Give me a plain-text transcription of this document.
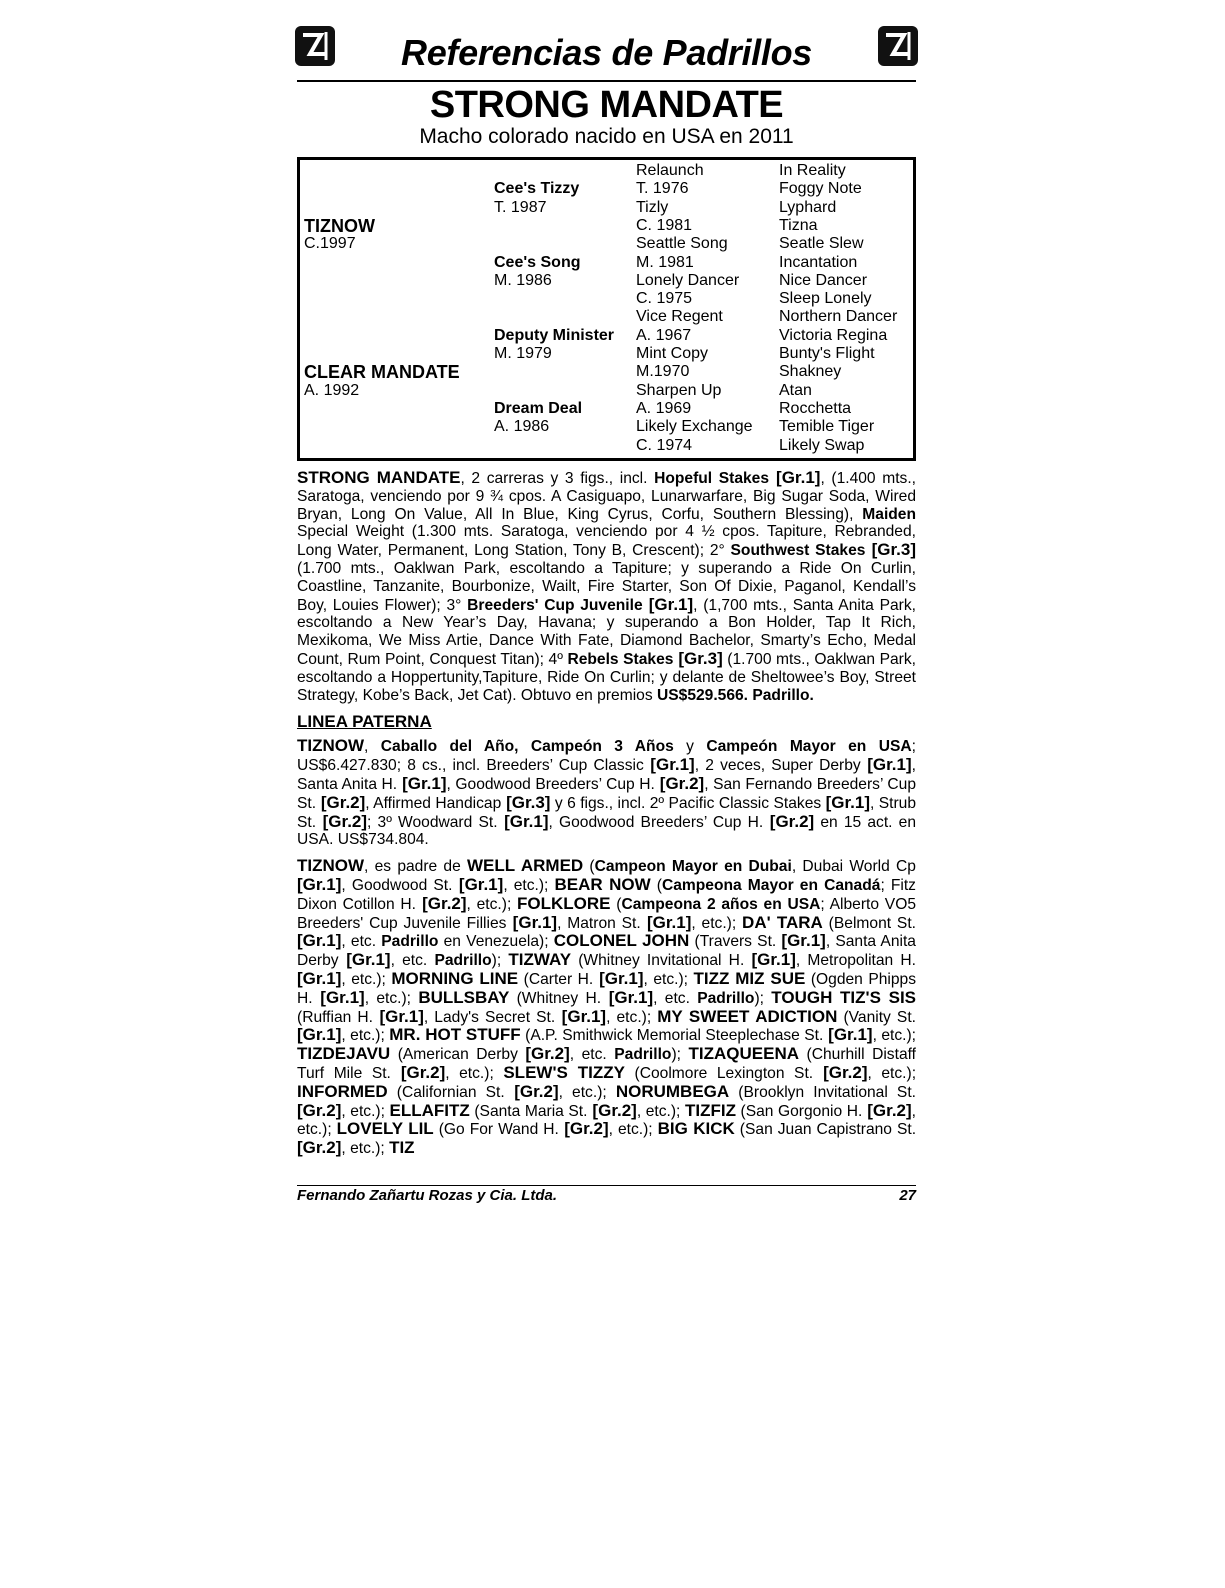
Referencias de Padrillos
STRONG MANDATE
Macho colorado nacido en USA en 2011
TIZNOW
C.1997
CLEAR MANDATE
A. 1992
Cee's Tizzy
T. 1987
Cee's Song
M. 1986
Deputy Minister
M. 1979
Dream Deal
A. 1986
Relaunch
T. 1976
Tizly
C. 1981
Seattle Song
M. 1981
Lonely Dancer
C. 1975
Vice Regent
A. 1967
Mint Copy
M.1970
Sharpen Up
A. 1969
Likely Exchange
C. 1974
In Reality
Foggy Note
Lyphard
Tizna
Seatle Slew
Incantation
Nice Dancer
Sleep Lonely
Northern Dancer
Victoria Regina
Bunty's Flight
Shakney
Atan
Rocchetta
Temible Tiger
Likely Swap

STRONG MANDATE, 2 carreras y 3 figs., incl. Hopeful Stakes [Gr.1], (1.400 mts., Saratoga, venciendo por 9 ¾ cpos. A Casiguapo, Lunarwarfare, Big Sugar Soda, Wired Bryan, Long On Value, All In Blue, King Cyrus, Corfu, Southern Blessing), Maiden Special Weight (1.300 mts. Saratoga, venciendo por 4 ½ cpos. Tapiture, Rebranded, Long Water, Permanent, Long Station, Tony B, Crescent); 2° Southwest Stakes [Gr.3] (1.700 mts., Oaklwan Park, escoltando a Tapiture; y superando a Ride On Curlin, Coastline, Tanzanite, Bourbonize, Wailt, Fire Starter, Son Of Dixie, Paganol, Kendall’s Boy, Louies Flower); 3° Breeders' Cup Juvenile [Gr.1], (1,700 mts., Santa Anita Park, escoltando a New Year’s Day, Havana; y superando a Bon Holder, Tap It Rich, Mexikoma, We Miss Artie, Dance With Fate, Diamond Bachelor, Smarty’s Echo, Medal Count, Rum Point, Conquest Titan); 4º Rebels Stakes [Gr.3] (1.700 mts., Oaklwan Park, escoltando a Hoppertunity,Tapiture, Ride On Curlin; y delante de Sheltowee’s Boy, Street Strategy, Kobe’s Back, Jet Cat). Obtuvo en premios US$529.566. Padrillo.

LINEA PATERNA

TIZNOW, Caballo del Año, Campeón 3 Años y Campeón Mayor en USA; US$6.427.830; 8 cs., incl. Breeders’ Cup Classic [Gr.1], 2 veces, Super Derby [Gr.1], Santa Anita H. [Gr.1], Goodwood Breeders’ Cup H. [Gr.2], San Fernando Breeders’ Cup St. [Gr.2], Affirmed Handicap [Gr.3] y 6 figs., incl. 2º Pacific Classic Stakes [Gr.1], Strub St. [Gr.2]; 3º Woodward St. [Gr.1], Goodwood Breeders’ Cup H. [Gr.2] en 15 act. en USA. US$734.804.

TIZNOW, es padre de WELL ARMED (Campeon Mayor en Dubai, Dubai World Cp [Gr.1], Goodwood St. [Gr.1], etc.); BEAR NOW (Campeona Mayor en Canadá; Fitz Dixon Cotillon H. [Gr.2], etc.); FOLKLORE (Campeona 2 años en USA; Alberto VO5 Breeders' Cup Juvenile Fillies [Gr.1], Matron St. [Gr.1], etc.); DA' TARA (Belmont St. [Gr.1], etc. Padrillo en Venezuela); COLONEL JOHN (Travers St. [Gr.1], Santa Anita Derby [Gr.1], etc. Padrillo); TIZWAY (Whitney Invitational H. [Gr.1], Metropolitan H. [Gr.1], etc.); MORNING LINE (Carter H. [Gr.1], etc.); TIZZ MIZ SUE (Ogden Phipps H. [Gr.1], etc.); BULLSBAY (Whitney H. [Gr.1], etc. Padrillo); TOUGH TIZ'S SIS (Ruffian H. [Gr.1], Lady's Secret St. [Gr.1], etc.); MY SWEET ADICTION (Vanity St. [Gr.1], etc.); MR. HOT STUFF (A.P. Smithwick Memorial Steeplechase St. [Gr.1], etc.); TIZDEJAVU (American Derby [Gr.2], etc. Padrillo); TIZAQUEENA (Churhill Distaff Turf Mile St. [Gr.2], etc.); SLEW'S TIZZY (Coolmore Lexington St. [Gr.2], etc.); INFORMED (Californian St. [Gr.2], etc.); NORUMBEGA (Brooklyn Invitational St. [Gr.2], etc.); ELLAFITZ (Santa Maria St. [Gr.2], etc.); TIZFIZ (San Gorgonio H. [Gr.2], etc.); LOVELY LIL (Go For Wand H. [Gr.2], etc.); BIG KICK (San Juan Capistrano St. [Gr.2], etc.); TIZ

Fernando Zañartu Rozas y Cia. Ltda.	27
